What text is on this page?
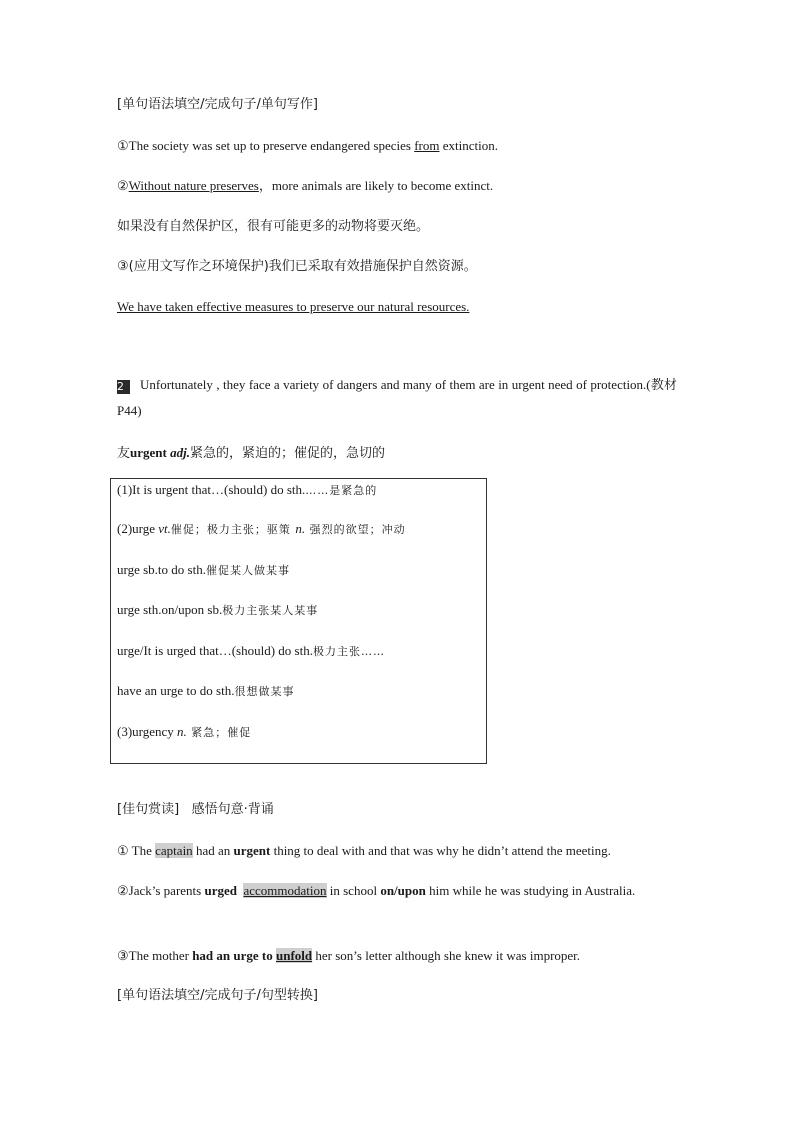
[单句语法填空/完成句子/单句写作]
①The society was set up to preserve endangered species from extinction.
②Without nature preserves，more animals are likely to become extinct.
如果没有自然保护区，很有可能更多的动物将要灭绝。
③(应用文写作之环境保护)我们已采取有效措施保护自然资源。
We have taken effective measures to preserve our natural resources.
2 Unfortunately , they face a variety of dangers and many of them are in urgent need of protection.(教材 P44)
友urgent adj.紧急的，紧迫的；催促的，急切的
(1)It is urgent that…(should) do sth.……是紧急的
(2)urge vt.催促；极力主张；驱策 n. 强烈的欲望；冲动
urge sb.to do sth.催促某人做某事
urge sth.on/upon sb.极力主张某人某事
urge/It is urged that…(should) do sth.极力主张……
have an urge to do sth.很想做某事
(3)urgency n. 紧急；催促
[佳句赏读] 感悟句意·背诵
① The captain had an urgent thing to deal with and that was why he didn’t attend the meeting.
②Jack’s parents urged accommodation in school on/upon him while he was studying in Australia.
③The mother had an urge to unfold her son’s letter although she knew it was improper.
[单句语法填空/完成句子/句型转换]
